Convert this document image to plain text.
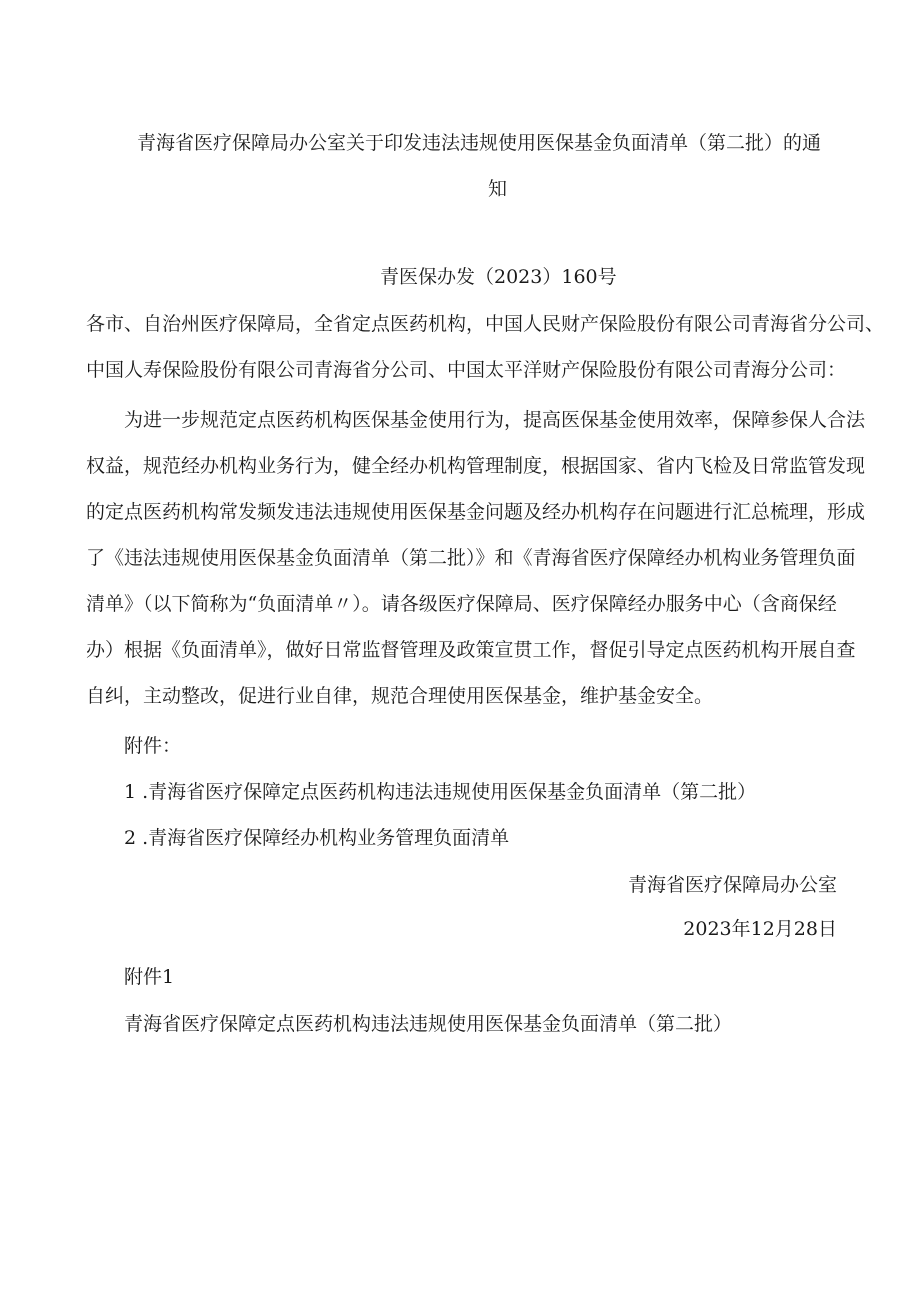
青海省医疗保障局办公室关于印发违法违规使用医保基金负面清单（第二批）的通
知
青医保办发（2023）160号
各市、自治州医疗保障局，全省定点医药机构，中国人民财产保险股份有限公司青海省分公司、
中国人寿保险股份有限公司青海省分公司、中国太平洋财产保险股份有限公司青海分公司：
为进一步规范定点医药机构医保基金使用行为，提高医保基金使用效率，保障参保人合法
权益，规范经办机构业务行为，健全经办机构管理制度，根据国家、省内飞检及日常监管发现
的定点医药机构常发频发违法违规使用医保基金问题及经办机构存在问题进行汇总梳理，形成
了《违法违规使用医保基金负面清单（第二批）》和《青海省医疗保障经办机构业务管理负面
清单》（以下简称为“负面清单〃）。请各级医疗保障局、医疗保障经办服务中心（含商保经
办）根据《负面清单》，做好日常监督管理及政策宣贯工作，督促引导定点医药机构开展自查
自纠，主动整改，促进行业自律，规范合理使用医保基金，维护基金安全。
附件：
1 .青海省医疗保障定点医药机构违法违规使用医保基金负面清单（第二批）
2 .青海省医疗保障经办机构业务管理负面清单
青海省医疗保障局办公室
2023年12月28日
附件1
青海省医疗保障定点医药机构违法违规使用医保基金负面清单（第二批）
